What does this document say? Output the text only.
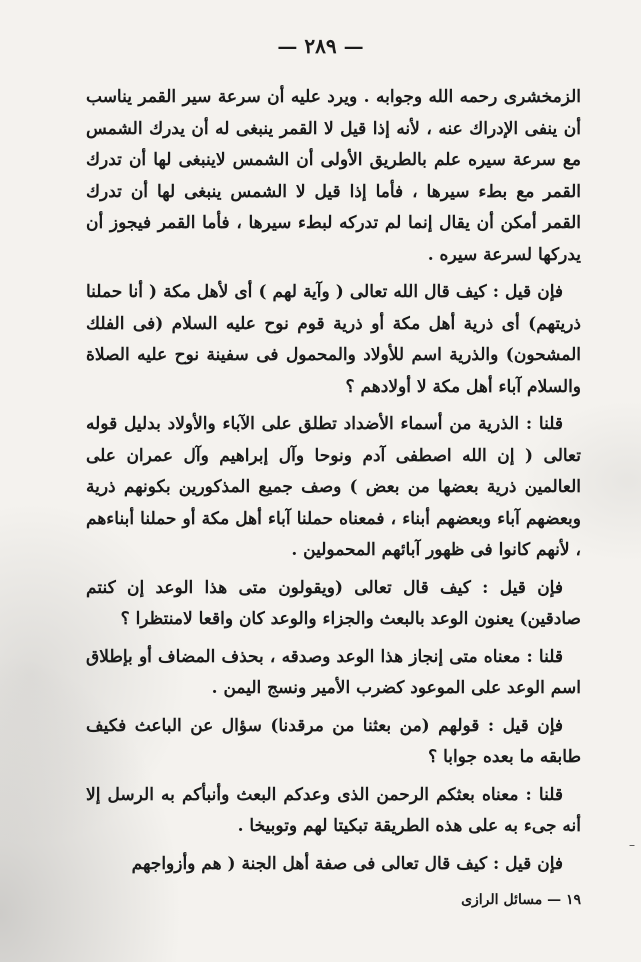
— ٢٨٩ —

الزمخشرى رحمه الله وجوابه . ويرد عليه أن سرعة سير القمر يناسب أن ينفى الإدراك عنه ، لأنه إذا قيل لا القمر ينبغى له أن يدرك الشمس مع سرعة سيره علم بالطريق الأولى أن الشمس لاينبغى لها أن تدرك القمر مع بطء سيرها ، فأما إذا قيل لا الشمس ينبغى لها أن تدرك القمر أمكن أن يقال إنما لم تدركه لبطء سيرها ، فأما القمر فيجوز أن يدركها لسرعة سيره .

فإن قيل : كيف قال الله تعالى ( وآية لهم ) أى لأهل مكة ( أنا حملنا ذريتهم) أى ذرية أهل مكة أو ذرية قوم نوح عليه السلام (فى الفلك المشحون) والذرية اسم للأولاد والمحمول فى سفينة نوح عليه الصلاة والسلام آباء أهل مكة لا أولادهم ؟

قلنا : الذرية من أسماء الأضداد تطلق على الآباء والأولاد بدليل قوله تعالى ( إن الله اصطفى آدم ونوحا وآل إبراهيم وآل عمران على العالمين ذرية بعضها من بعض ) وصف جميع المذكورين بكونهم ذرية وبعضهم آباء وبعضهم أبناء ، فمعناه حملنا آباء أهل مكة أو حملنا أبناءهم ، لأنهم كانوا فى ظهور آبائهم المحمولين .

فإن قيل : كيف قال تعالى (ويقولون متى هذا الوعد إن كنتم صادقين) يعنون الوعد بالبعث والجزاء والوعد كان واقعا لامنتظرا ؟

قلنا : معناه متى إنجاز هذا الوعد وصدقه ، بحذف المضاف أو بإطلاق اسم الوعد على الموعود كضرب الأمير ونسج اليمن .

فإن قيل : قولهم (من بعثنا من مرقدنا) سؤال عن الباعث فكيف طابقه ما بعده جوابا ؟

قلنا : معناه بعثكم الرحمن الذى وعدكم البعث وأنبأكم به الرسل إلا أنه جىء به على هذه الطريقة تبكيتا لهم وتوبيخا .

فإن قيل : كيف قال تعالى فى صفة أهل الجنة ( هم وأزواجهم

١٩ — مسائل الرازى
–
